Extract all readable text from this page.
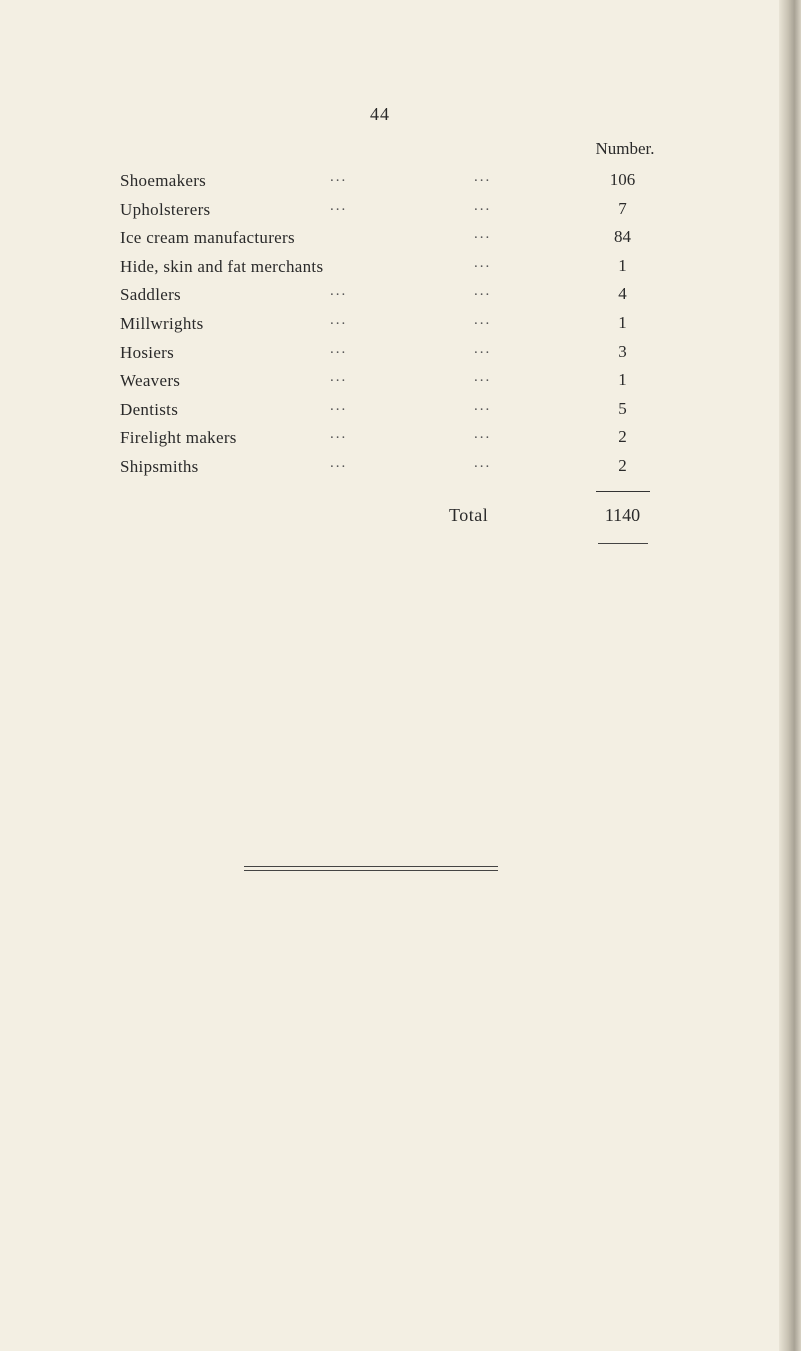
44
Number.
Shoemakers	...	...	106
Upholsterers	...	...	7
Ice cream manufacturers	...	84
Hide, skin and fat merchants	...	1
Saddlers	...	...	4
Millwrights	...	...	1
Hosiers	...	...	3
Weavers	...	...	1
Dentists	...	...	5
Firelight makers	...	...	2
Shipsmiths	...	...	2
Total	1140
